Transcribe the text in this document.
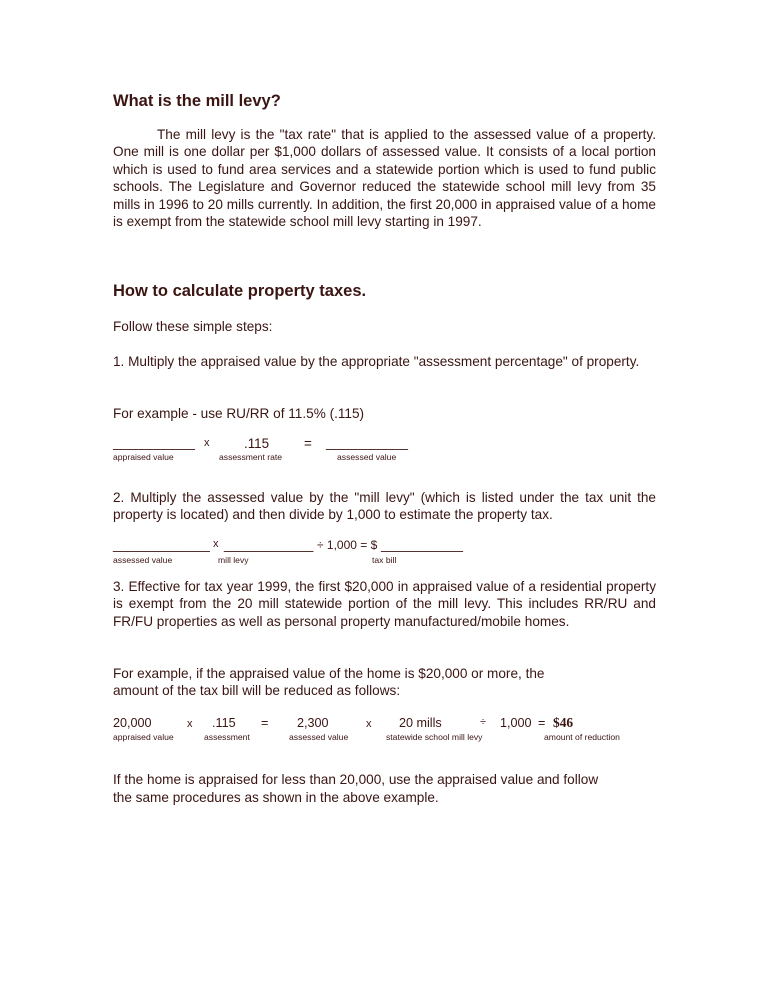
What is the mill levy?

The mill levy is the "tax rate" that is applied to the assessed value of a property. One mill is one dollar per $1,000 dollars of assessed value. It consists of a local portion which is used to fund area services and a statewide portion which is used to fund public schools. The Legislature and Governor reduced the statewide school mill levy from 35 mills in 1996 to 20 mills currently. In addition, the first 20,000 in appraised value of a home is exempt from the statewide school mill levy starting in 1997.

How to calculate property taxes.
Follow these simple steps:

1. Multiply the appraised value by the appropriate "assessment percentage" of property.

For example - use RU/RR of 11.5% (.115)
___________ x	.115	= ___________
appraised value	assessment rate	assessed value

2. Multiply the assessed value by the "mill levy" (which is listed under the tax unit the property is located) and then divide by 1,000 to estimate the property tax.

_____________ x ____________ ÷ 1,000 = $ ___________
assessed value	mill levy	tax bill

3. Effective for tax year 1999, the first $20,000 in appraised value of a residential property is exempt from the 20 mill statewide portion of the mill levy. This includes RR/RU and FR/FU properties as well as personal property manufactured/mobile homes.

For example, if the appraised value of the home is $20,000 or more, the
amount of the tax bill will be reduced as follows:
20,000	x .115 = 2,300	x 20 mills	÷ 1,000 = $46
appraised value	assessment	assessed value	statewide school mill levy	amount of reduction
If the home is appraised for less than 20,000, use the appraised value and follow
the same procedures as shown in the above example.
